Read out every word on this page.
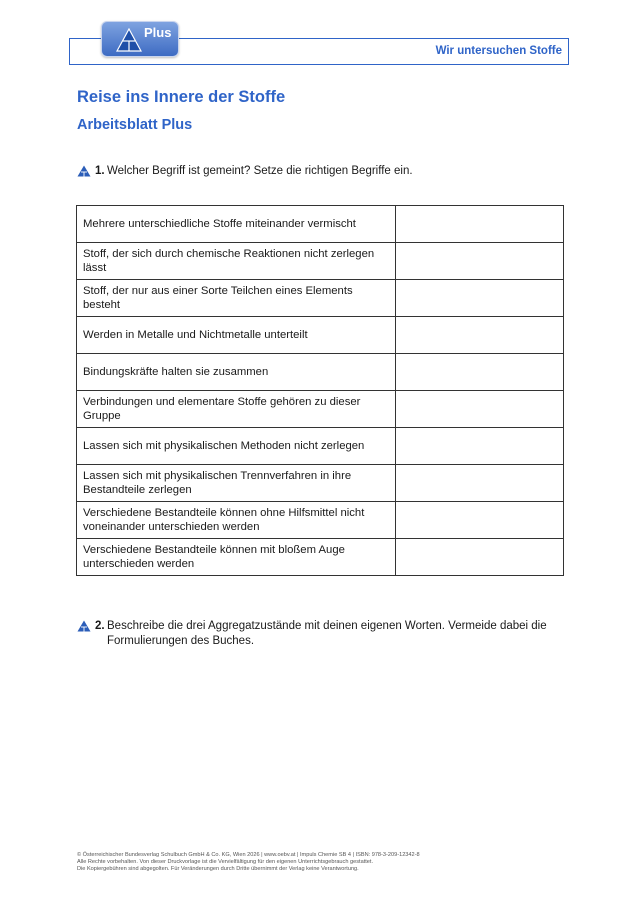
Wir untersuchen Stoffe
Plus
Reise ins Innere der Stoffe
Arbeitsblatt Plus
1. Welcher Begriff ist gemeint? Setze die richtigen Begriffe ein.
Mehrere unterschiedliche Stoffe miteinander vermischt	
Stoff, der sich durch chemische Reaktionen nicht zerlegen lässt	
Stoff, der nur aus einer Sorte Teilchen eines Elements besteht	
Werden in Metalle und Nichtmetalle unterteilt	
Bindungskräfte halten sie zusammen	
Verbindungen und elementare Stoffe gehören zu dieser Gruppe	
Lassen sich mit physikalischen Methoden nicht zerlegen	
Lassen sich mit physikalischen Trennverfahren in ihre Bestandteile zerlegen	
Verschiedene Bestandteile können ohne Hilfsmittel nicht voneinander unterschieden werden	
Verschiedene Bestandteile können mit bloßem Auge unterschieden werden	
2. Beschreibe die drei Aggregatzustände mit deinen eigenen Worten. Vermeide dabei die Formulierungen des Buches.
© Österreichischer Bundesverlag Schulbuch GmbH & Co. KG, Wien 2026 | www.oebv.at | Impuls Chemie SB 4 | ISBN: 978-3-209-12342-8
Alle Rechte vorbehalten. Von dieser Druckvorlage ist die Vervielfältigung für den eigenen Unterrichtsgebrauch gestattet.
Die Kopiergebühren sind abgegolten. Für Veränderungen durch Dritte übernimmt der Verlag keine Verantwortung.
